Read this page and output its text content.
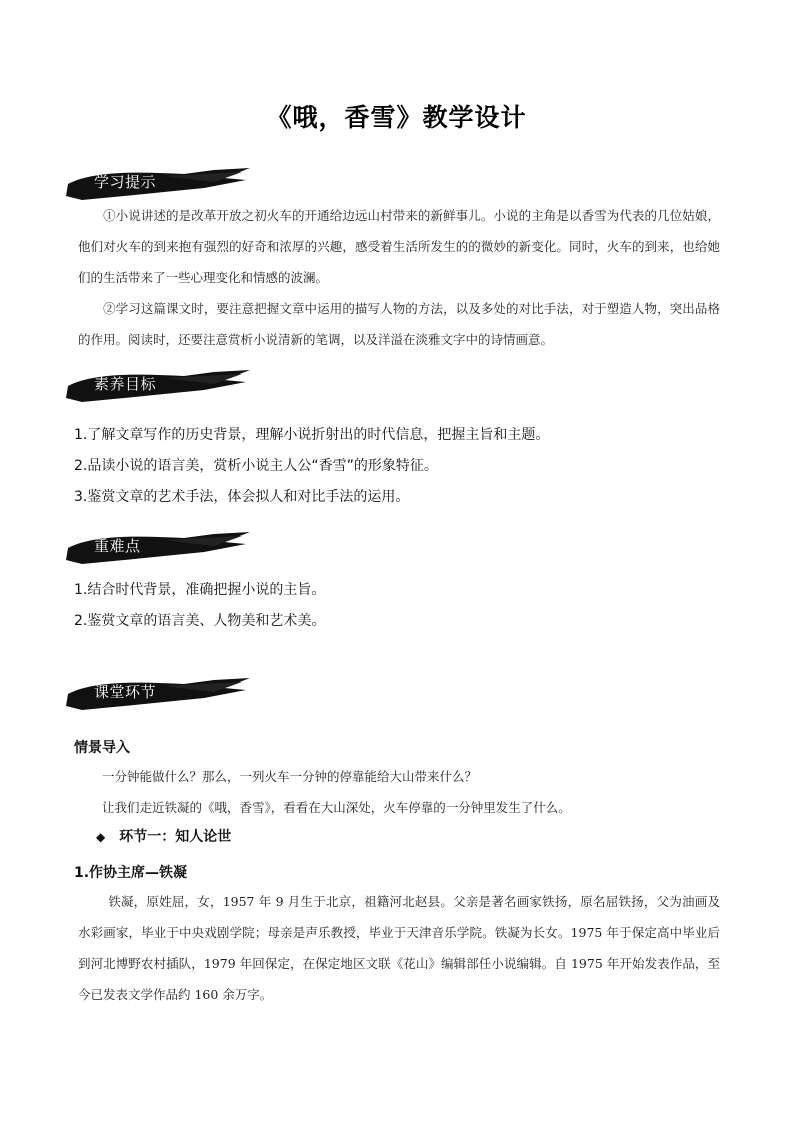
《哦，香雪》教学设计
学习提示
①小说讲述的是改革开放之初火车的开通给边远山村带来的新鲜事儿。小说的主角是以香雪为代表的几位姑娘，他们对火车的到来抱有强烈的好奇和浓厚的兴趣，感受着生活所发生的的微妙的新变化。同时，火车的到来，也给她们的生活带来了一些心理变化和情感的波澜。
②学习这篇课文时，要注意把握文章中运用的描写人物的方法，以及多处的对比手法，对于塑造人物，突出品格的作用。阅读时，还要注意赏析小说清新的笔调，以及洋溢在淡雅文字中的诗情画意。
素养目标
1.了解文章写作的历史背景，理解小说折射出的时代信息，把握主旨和主题。
2.品读小说的语言美，赏析小说主人公“香雪”的形象特征。
3.鉴赏文章的艺术手法，体会拟人和对比手法的运用。
重难点
1.结合时代背景，准确把握小说的主旨。
2.鉴赏文章的语言美、人物美和艺术美。
课堂环节
情景导入
一分钟能做什么？那么，一列火车一分钟的停靠能给大山带来什么？
让我们走近铁凝的《哦，香雪》，看看在大山深处，火车停靠的一分钟里发生了什么。
◆ 环节一：知人论世
1.作协主席—铁凝
铁凝，原姓屈，女，1957 年 9 月生于北京，祖籍河北赵县。父亲是著名画家铁扬，原名屈铁扬，父为油画及水彩画家，毕业于中央戏剧学院；母亲是声乐教授，毕业于天津音乐学院。铁凝为长女。1975 年于保定高中毕业后到河北博野农村插队，1979 年回保定，在保定地区文联《花山》编辑部任小说编辑。自 1975 年开始发表作品，至今已发表文学作品约 160 余万字。
